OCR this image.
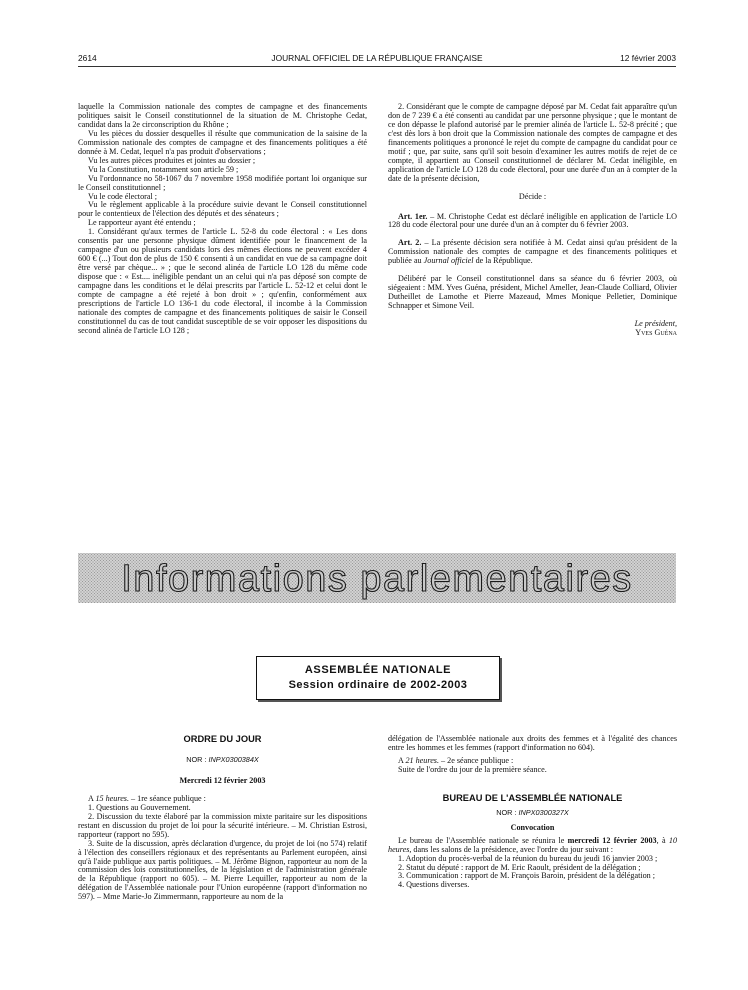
2614	JOURNAL OFFICIEL DE LA RÉPUBLIQUE FRANÇAISE	12 février 2003

laquelle la Commission nationale des comptes de campagne et des financements politiques saisit le Conseil constitutionnel de la situation de M. Christophe Cedat, candidat dans la 2e circonscription du Rhône ;

Vu les pièces du dossier desquelles il résulte que communication de la saisine de la Commission nationale des comptes de campagne et des financements politiques a été donnée à M. Cedat, lequel n'a pas produit d'observations ;

Vu les autres pièces produites et jointes au dossier ;

Vu la Constitution, notamment son article 59 ;

Vu l'ordonnance no 58-1067 du 7 novembre 1958 modifiée portant loi organique sur le Conseil constitutionnel ;

Vu le code électoral ;

Vu le règlement applicable à la procédure suivie devant le Conseil constitutionnel pour le contentieux de l'élection des députés et des sénateurs ;

Le rapporteur ayant été entendu ;

1. Considérant qu'aux termes de l'article L. 52-8 du code électoral : « Les dons consentis par une personne physique dûment identifiée pour le financement de la campagne d'un ou plusieurs candidats lors des mêmes élections ne peuvent excéder 4 600 € (...) Tout don de plus de 150 € consenti à un candidat en vue de sa campagne doit être versé par chèque... » ; que le second alinéa de l'article LO 128 du même code dispose que : « Est.... inéligible pendant un an celui qui n'a pas déposé son compte de campagne dans les conditions et le délai prescrits par l'article L. 52-12 et celui dont le compte de campagne a été rejeté à bon droit » ; qu'enfin, conformément aux prescriptions de l'article LO 136-1 du code électoral, il incombe à la Commission nationale des comptes de campagne et des financements politiques de saisir le Conseil constitutionnel du cas de tout candidat susceptible de se voir opposer les dispositions du second alinéa de l'article LO 128 ;

2. Considérant que le compte de campagne déposé par M. Cedat fait apparaître qu'un don de 7 239 € a été consenti au candidat par une personne physique ; que le montant de ce don dépasse le plafond autorisé par le premier alinéa de l'article L. 52-8 précité ; que c'est dès lors à bon droit que la Commission nationale des comptes de campagne et des financements politiques a prononcé le rejet du compte de campagne du candidat pour ce motif ; que, par suite, sans qu'il soit besoin d'examiner les autres motifs de rejet de ce compte, il appartient au Conseil constitutionnel de déclarer M. Cedat inéligible, en application de l'article LO 128 du code électoral, pour une durée d'un an à compter de la date de la présente décision,

Décide :

Art. 1er. – M. Christophe Cedat est déclaré inéligible en application de l'article LO 128 du code électoral pour une durée d'un an à compter du 6 février 2003.

Art. 2. – La présente décision sera notifiée à M. Cedat ainsi qu'au président de la Commission nationale des comptes de campagne et des financements politiques et publiée au Journal officiel de la République.

Délibéré par le Conseil constitutionnel dans sa séance du 6 février 2003, où siégeaient : MM. Yves Guéna, président, Michel Ameller, Jean-Claude Colliard, Olivier Dutheillet de Lamothe et Pierre Mazeaud, Mmes Monique Pelletier, Dominique Schnapper et Simone Veil.

Le président,

Yves Guéna

Informations parlementaires
ASSEMBLÉE NATIONALE
Session ordinaire de 2002-2003

ORDRE DU JOUR

NOR : INPX0300384X

Mercredi 12 février 2003

A 15 heures. – 1re séance publique :

1. Questions au Gouvernement.

2. Discussion du texte élaboré par la commission mixte paritaire sur les dispositions restant en discussion du projet de loi pour la sécurité intérieure. – M. Christian Estrosi, rapporteur (rapport no 595).

3. Suite de la discussion, après déclaration d'urgence, du projet de loi (no 574) relatif à l'élection des conseillers régionaux et des représentants au Parlement européen, ainsi qu'à l'aide publique aux partis politiques. – M. Jérôme Bignon, rapporteur au nom de la commission des lois constitutionnelles, de la législation et de l'administration générale de la République (rapport no 605). – M. Pierre Lequiller, rapporteur au nom de la délégation de l'Assemblée nationale pour l'Union européenne (rapport d'information no 597). – Mme Marie-Jo Zimmermann, rapporteure au nom de la

délégation de l'Assemblée nationale aux droits des femmes et à l'égalité des chances entre les hommes et les femmes (rapport d'information no 604).

A 21 heures. – 2e séance publique :

Suite de l'ordre du jour de la première séance.

BUREAU DE L'ASSEMBLÉE NATIONALE

NOR : INPX0300327X

Convocation

Le bureau de l'Assemblée nationale se réunira le mercredi 12 février 2003, à 10 heures, dans les salons de la présidence, avec l'ordre du jour suivant :

1. Adoption du procès-verbal de la réunion du bureau du jeudi 16 janvier 2003 ;

2. Statut du député : rapport de M. Eric Raoult, président de la délégation ;

3. Communication : rapport de M. François Baroin, président de la délégation ;

4. Questions diverses.
